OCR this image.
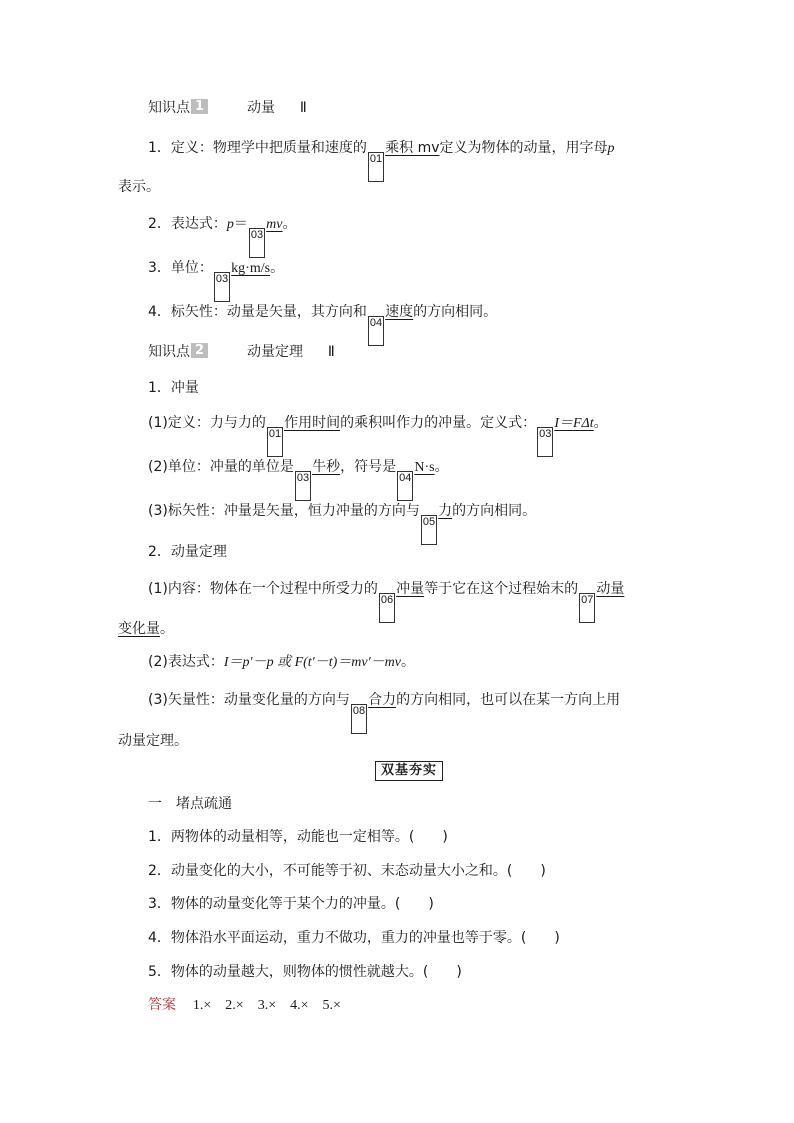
知识点 1	动量 Ⅱ
1．定义：物理学中把质量和速度的01乘积 mv定义为物体的动量，用字母p
表示。
2．表达式：p＝03mv。
3．单位：03kg·m/s。
4．标矢性：动量是矢量，其方向和04速度的方向相同。
知识点 2	动量定理 Ⅱ
1．冲量
(1)定义：力与力的01作用时间的乘积叫作力的冲量。定义式：03I＝FΔt。
(2)单位：冲量的单位是03牛秒，符号是04N·s。
(3)标矢性：冲量是矢量，恒力冲量的方向与05力的方向相同。
2．动量定理
(1)内容：物体在一个过程中所受力的06冲量等于它在这个过程始末的07动量
变化量。
(2)表达式：I＝p′－p 或 F(t′－t)＝mv′－mv。
(3)矢量性：动量变化量的方向与08合力的方向相同，也可以在某一方向上用
动量定理。
双基夯实
一　堵点疏通
1．两物体的动量相等，动能也一定相等。(　　)
2．动量变化的大小，不可能等于初、末态动量大小之和。(　　)
3．物体的动量变化等于某个力的冲量。(　　)
4．物体沿水平面运动，重力不做功，重力的冲量也等于零。(　　)
5．物体的动量越大，则物体的惯性就越大。(　　)
答案 1.×　2.×　3.×　4.×　5.×
